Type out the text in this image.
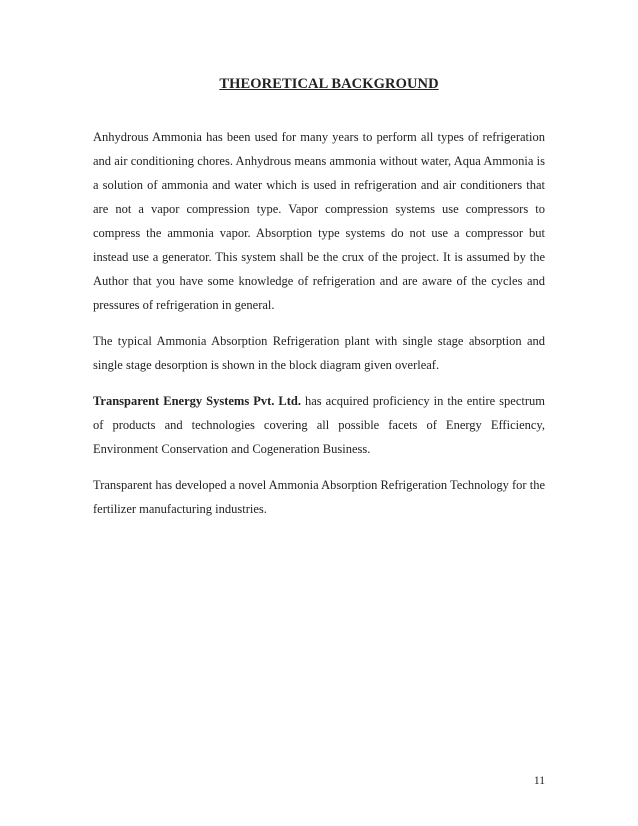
THEORETICAL BACKGROUND

Anhydrous Ammonia has been used for many years to perform all types of refrigeration and air conditioning chores. Anhydrous means ammonia without water, Aqua Ammonia is a solution of ammonia and water which is used in refrigeration and air conditioners that are not a vapor compression type. Vapor compression systems use compressors to compress the ammonia vapor. Absorption type systems do not use a compressor but instead use a generator. This system shall be the crux of the project. It is assumed by the Author that you have some knowledge of refrigeration and are aware of the cycles and pressures of refrigeration in general.

The typical Ammonia Absorption Refrigeration plant with single stage absorption and single stage desorption is shown in the block diagram given overleaf.

Transparent Energy Systems Pvt. Ltd. has acquired proficiency in the entire spectrum of products and technologies covering all possible facets of Energy Efficiency, Environment Conservation and Cogeneration Business.

Transparent has developed a novel Ammonia Absorption Refrigeration Technology for the fertilizer manufacturing industries.

11
